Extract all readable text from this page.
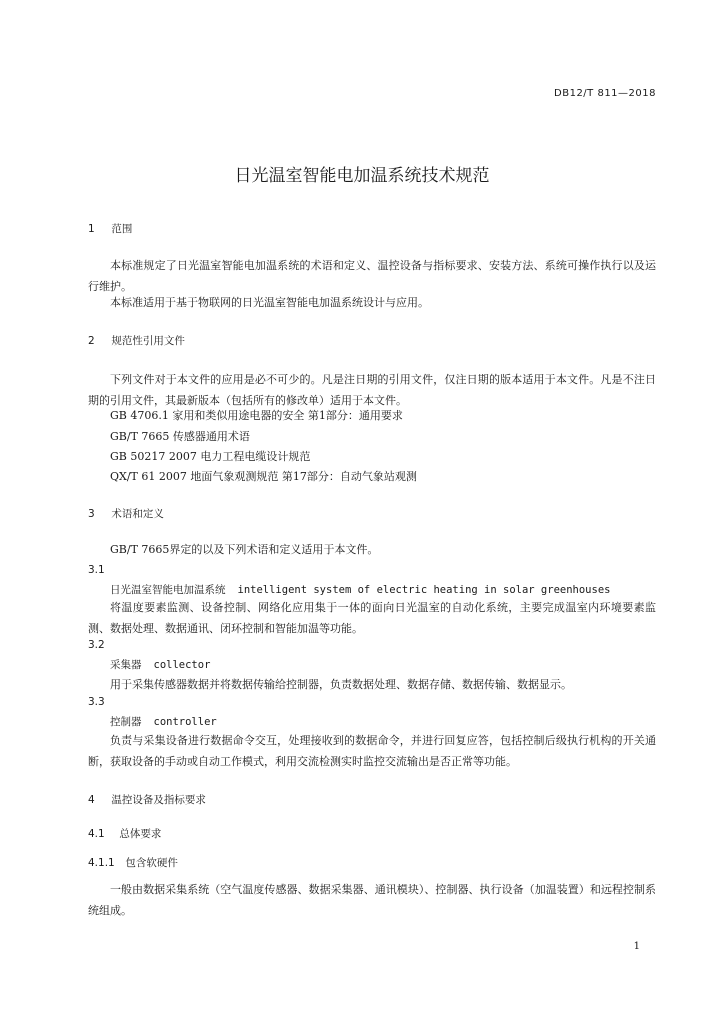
DB12/T 811—2018
日光温室智能电加温系统技术规范
1 范围
本标准规定了日光温室智能电加温系统的术语和定义、温控设备与指标要求、安装方法、系统可操作执行以及运行维护。
本标准适用于基于物联网的日光温室智能电加温系统设计与应用。
2 规范性引用文件
下列文件对于本文件的应用是必不可少的。凡是注日期的引用文件，仅注日期的版本适用于本文件。凡是不注日期的引用文件，其最新版本（包括所有的修改单）适用于本文件。
GB 4706.1 家用和类似用途电器的安全 第1部分：通用要求
GB/T 7665 传感器通用术语
GB 50217 2007 电力工程电缆设计规范
QX/T 61 2007 地面气象观测规范 第17部分：自动气象站观测
3 术语和定义
GB/T 7665界定的以及下列术语和定义适用于本文件。
3.1
日光温室智能电加温系统 intelligent system of electric heating in solar greenhouses
将温度要素监测、设备控制、网络化应用集于一体的面向日光温室的自动化系统，主要完成温室内环境要素监测、数据处理、数据通讯、闭环控制和智能加温等功能。
3.2
采集器 collector
用于采集传感器数据并将数据传输给控制器，负责数据处理、数据存储、数据传输、数据显示。
3.3
控制器 controller
负责与采集设备进行数据命令交互，处理接收到的数据命令，并进行回复应答，包括控制后级执行机构的开关通断，获取设备的手动或自动工作模式，利用交流检测实时监控交流输出是否正常等功能。
4 温控设备及指标要求
4.1 总体要求
4.1.1 包含软硬件
一般由数据采集系统（空气温度传感器、数据采集器、通讯模块）、控制器、执行设备（加温装置）和远程控制系统组成。
1
